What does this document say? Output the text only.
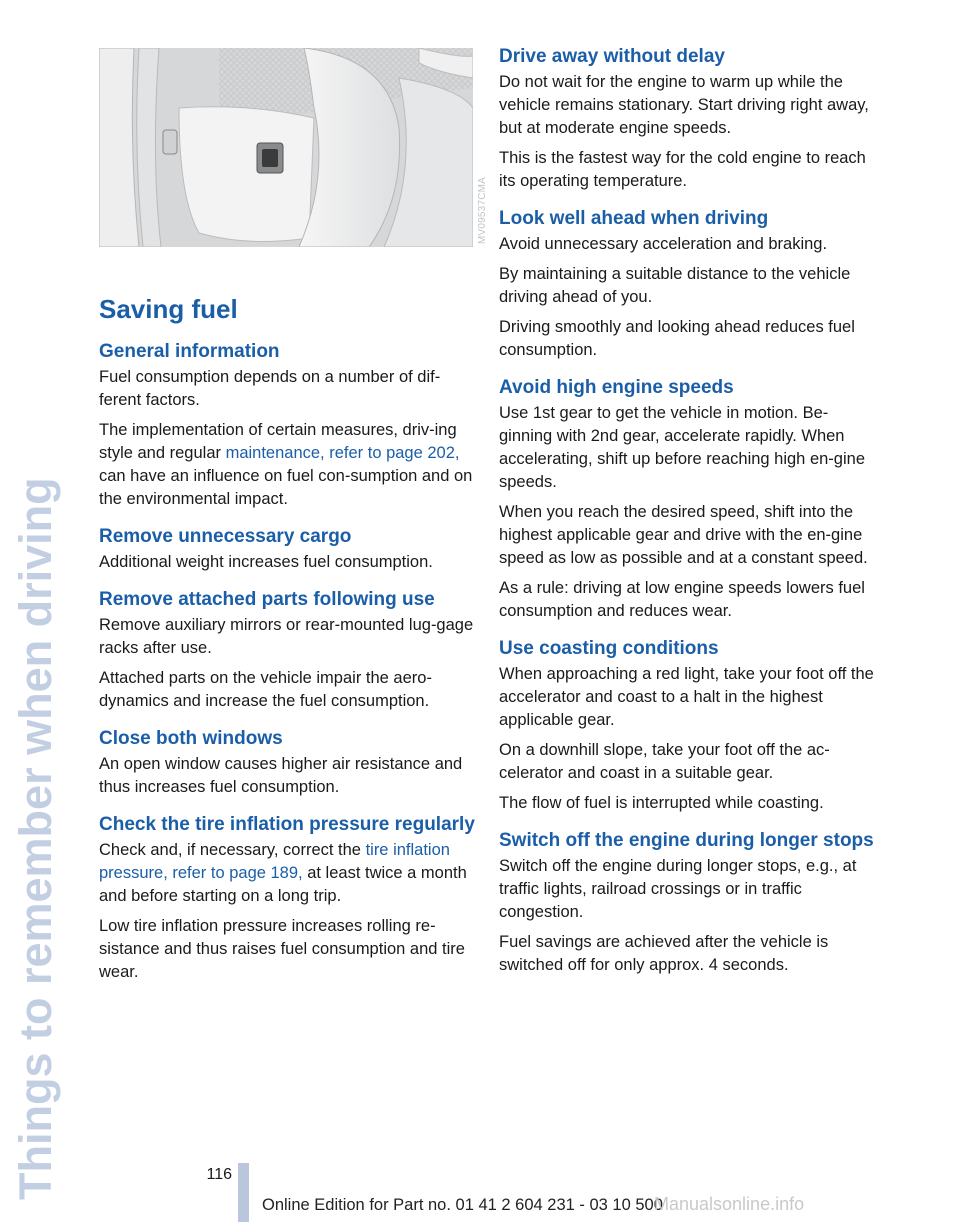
Things to remember when driving
MV09537CMA
Saving fuel
General information

Fuel consumption depends on a number of dif‐ferent factors.

The implementation of certain measures, driv‐ing style and regular maintenance, refer to page 202, can have an influence on fuel con‐sumption and on the environmental impact.

Remove unnecessary cargo

Additional weight increases fuel consumption.

Remove attached parts following use

Remove auxiliary mirrors or rear-mounted lug‐gage racks after use.

Attached parts on the vehicle impair the aero‐dynamics and increase the fuel consumption.

Close both windows

An open window causes higher air resistance and thus increases fuel consumption.

Check the tire inflation pressure regularly

Check and, if necessary, correct the tire inflation pressure, refer to page 189, at least twice a month and before starting on a long trip.

Low tire inflation pressure increases rolling re‐sistance and thus raises fuel consumption and tire wear.

Drive away without delay

Do not wait for the engine to warm up while the vehicle remains stationary. Start driving right away, but at moderate engine speeds.

This is the fastest way for the cold engine to reach its operating temperature.

Look well ahead when driving

Avoid unnecessary acceleration and braking.

By maintaining a suitable distance to the vehicle driving ahead of you.

Driving smoothly and looking ahead reduces fuel consumption.

Avoid high engine speeds

Use 1st gear to get the vehicle in motion. Be‐ginning with 2nd gear, accelerate rapidly. When accelerating, shift up before reaching high en‐gine speeds.

When you reach the desired speed, shift into the highest applicable gear and drive with the en‐gine speed as low as possible and at a constant speed.

As a rule: driving at low engine speeds lowers fuel consumption and reduces wear.

Use coasting conditions

When approaching a red light, take your foot off the accelerator and coast to a halt in the highest applicable gear.

On a downhill slope, take your foot off the ac‐celerator and coast in a suitable gear.

The flow of fuel is interrupted while coasting.

Switch off the engine during longer stops

Switch off the engine during longer stops, e.g., at traffic lights, railroad crossings or in traffic congestion.

Fuel savings are achieved after the vehicle is switched off for only approx. 4 seconds.

116
Online Edition for Part no. 01 41 2 604 231 - 03 10 500
Manualsonline.info
